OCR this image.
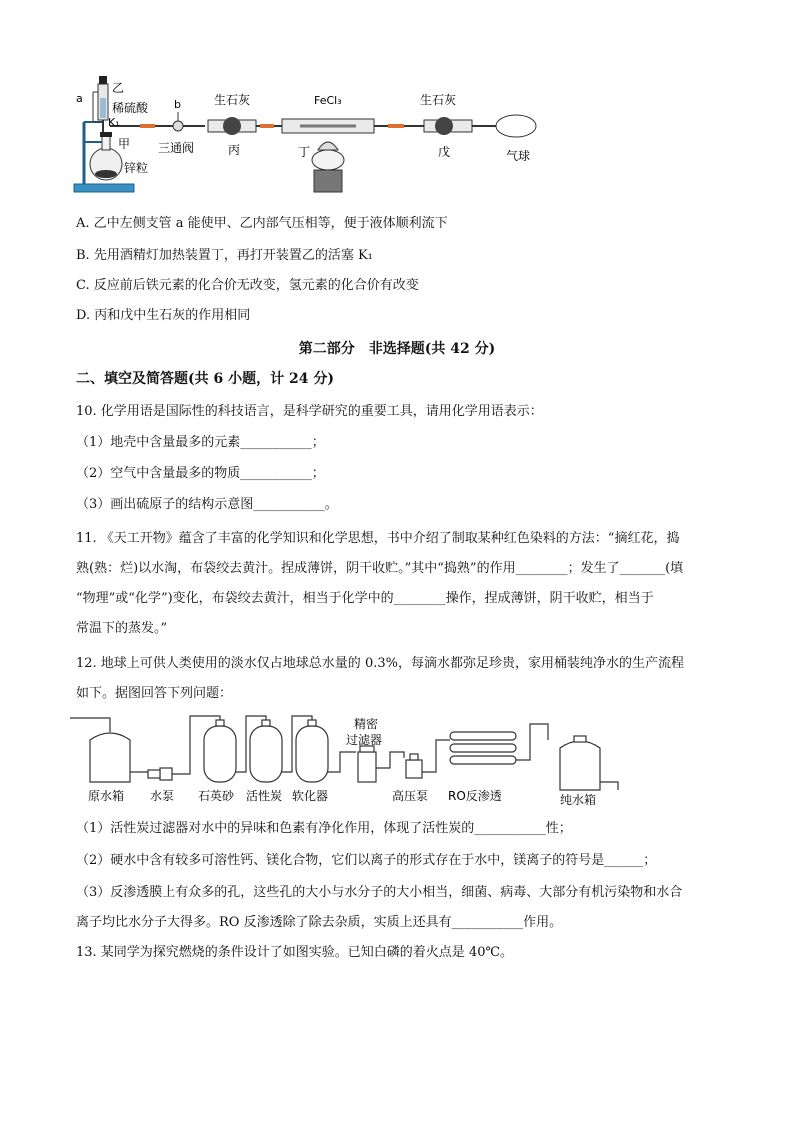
乙
a
稀硫酸
K₁
甲
锌粒
b
三通阀
生石灰
丙
FeCl₃
丁
生石灰
戊	气球
A. 乙中左侧支管 a 能使甲、乙内部气压相等，便于液体顺利流下
B. 先用酒精灯加热装置丁，再打开装置乙的活塞 K₁
C. 反应前后铁元素的化合价无改变，氢元素的化合价有改变
D. 丙和戊中生石灰的作用相同
第二部分　非选择题(共 42 分)
二、填空及简答题(共 6 小题，计 24 分)
10. 化学用语是国际性的科技语言，是科学研究的重要工具，请用化学用语表示：
（1）地壳中含量最多的元素___________；
（2）空气中含量最多的物质___________；
（3）画出硫原子的结构示意图___________。
11. 《天工开物》蕴含了丰富的化学知识和化学思想，书中介绍了制取某种红色染料的方法：“摘红花，捣
熟(熟：烂)以水淘，布袋绞去黄汁。捏成薄饼，阴干收贮。”其中“捣熟”的作用________；发生了_______(填
“物理”或“化学”)变化，布袋绞去黄汁，相当于化学中的________操作，捏成薄饼，阴干收贮，相当于
常温下的蒸发。”
12. 地球上可供人类使用的淡水仅占地球总水量的 0.3%，每滴水都弥足珍贵，家用桶装纯净水的生产流程
如下。据图回答下列问题：
原水箱 水泵 石英砂 活性炭 软化器
精密
过滤器
高压泵 RO反渗透	纯水箱
（1）活性炭过滤器对水中的异味和色素有净化作用，体现了活性炭的___________性；
（2）硬水中含有较多可溶性钙、镁化合物，它们以离子的形式存在于水中，镁离子的符号是______；
（3）反渗透膜上有众多的孔，这些孔的大小与水分子的大小相当，细菌、病毒、大部分有机污染物和水合
离子均比水分子大得多。RO 反渗透除了除去杂质，实质上还具有___________作用。
13. 某同学为探究燃烧的条件设计了如图实验。已知白磷的着火点是 40℃。
